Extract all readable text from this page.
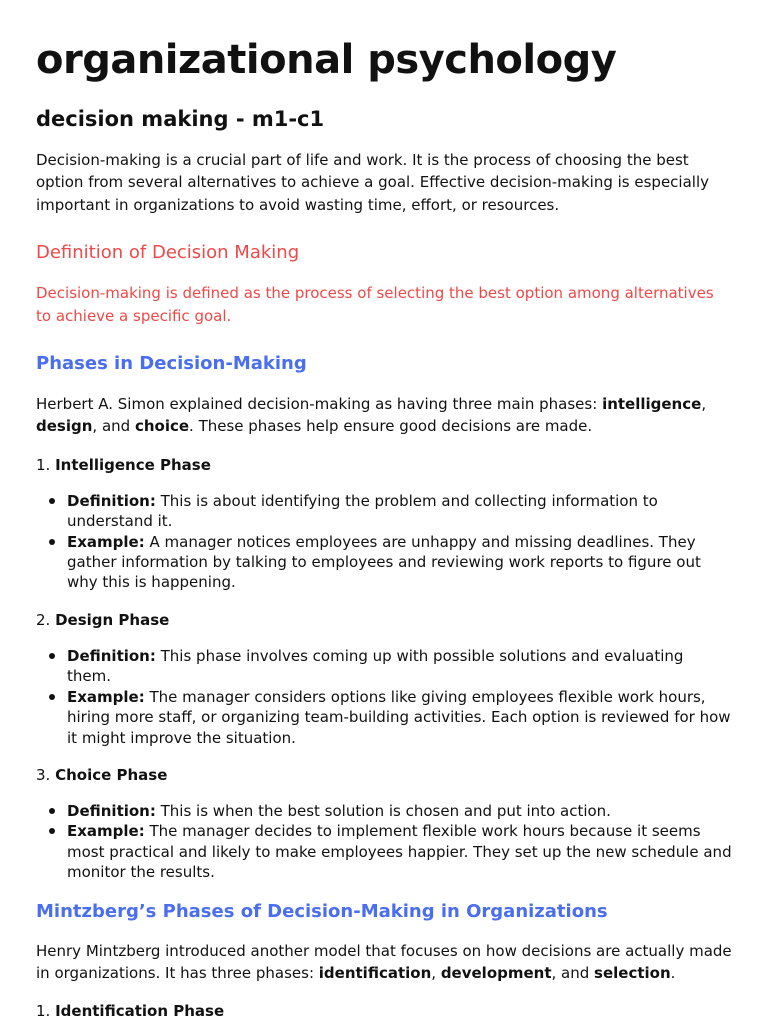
organizational psychology
decision making - m1-c1

Decision-making is a crucial part of life and work. It is the process of choosing the best option from several alternatives to achieve a goal. Effective decision-making is especially important in organizations to avoid wasting time, effort, or resources.

Definition of Decision Making

Decision-making is defined as the process of selecting the best option among alternatives to achieve a specific goal.

Phases in Decision-Making

Herbert A. Simon explained decision-making as having three main phases: intelligence, design, and choice. These phases help ensure good decisions are made.

1. Intelligence Phase

Definition: This is about identifying the problem and collecting information to understand it.
Example: A manager notices employees are unhappy and missing deadlines. They gather information by talking to employees and reviewing work reports to figure out why this is happening.

2. Design Phase

Definition: This phase involves coming up with possible solutions and evaluating them.
Example: The manager considers options like giving employees flexible work hours, hiring more staff, or organizing team-building activities. Each option is reviewed for how it might improve the situation.

3. Choice Phase

Definition: This is when the best solution is chosen and put into action.
Example: The manager decides to implement flexible work hours because it seems most practical and likely to make employees happier. They set up the new schedule and monitor the results.

Mintzberg’s Phases of Decision-Making in Organizations

Henry Mintzberg introduced another model that focuses on how decisions are actually made in organizations. It has three phases: identification, development, and selection.

1. Identification Phase
